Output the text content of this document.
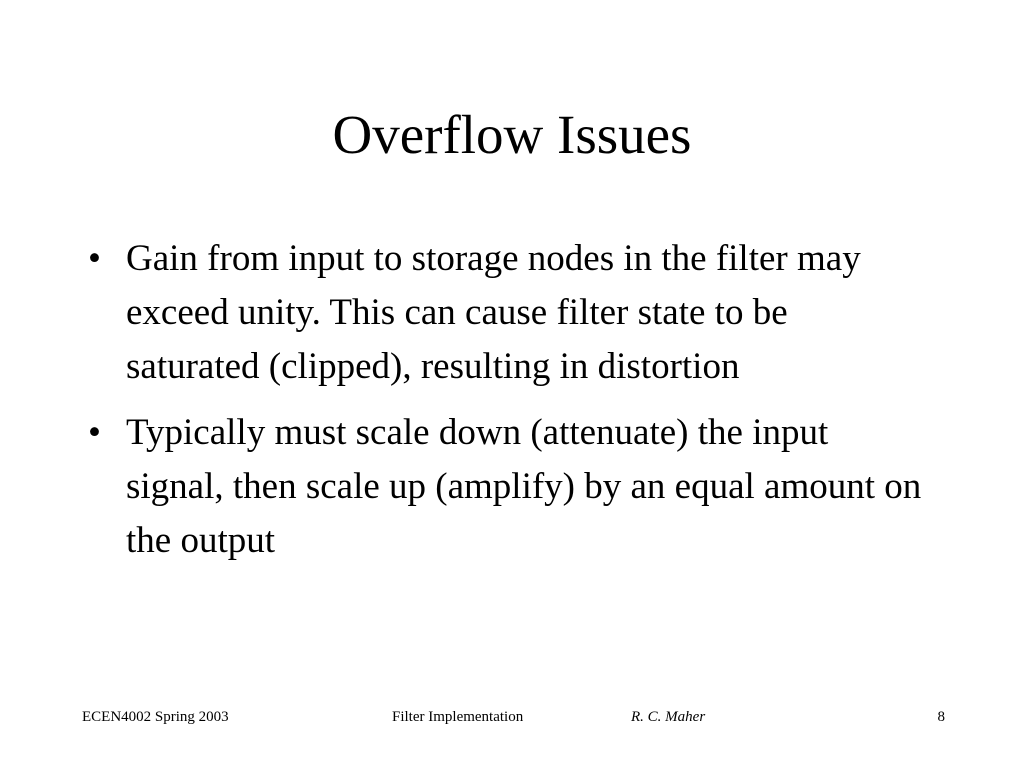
Overflow Issues
• Gain from input to storage nodes in the filter may exceed unity. This can cause filter state to be saturated (clipped), resulting in distortion
• Typically must scale down (attenuate) the input signal, then scale up (amplify) by an equal amount on the output
ECEN4002 Spring 2003	Filter Implementation	R. C. Maher	8
